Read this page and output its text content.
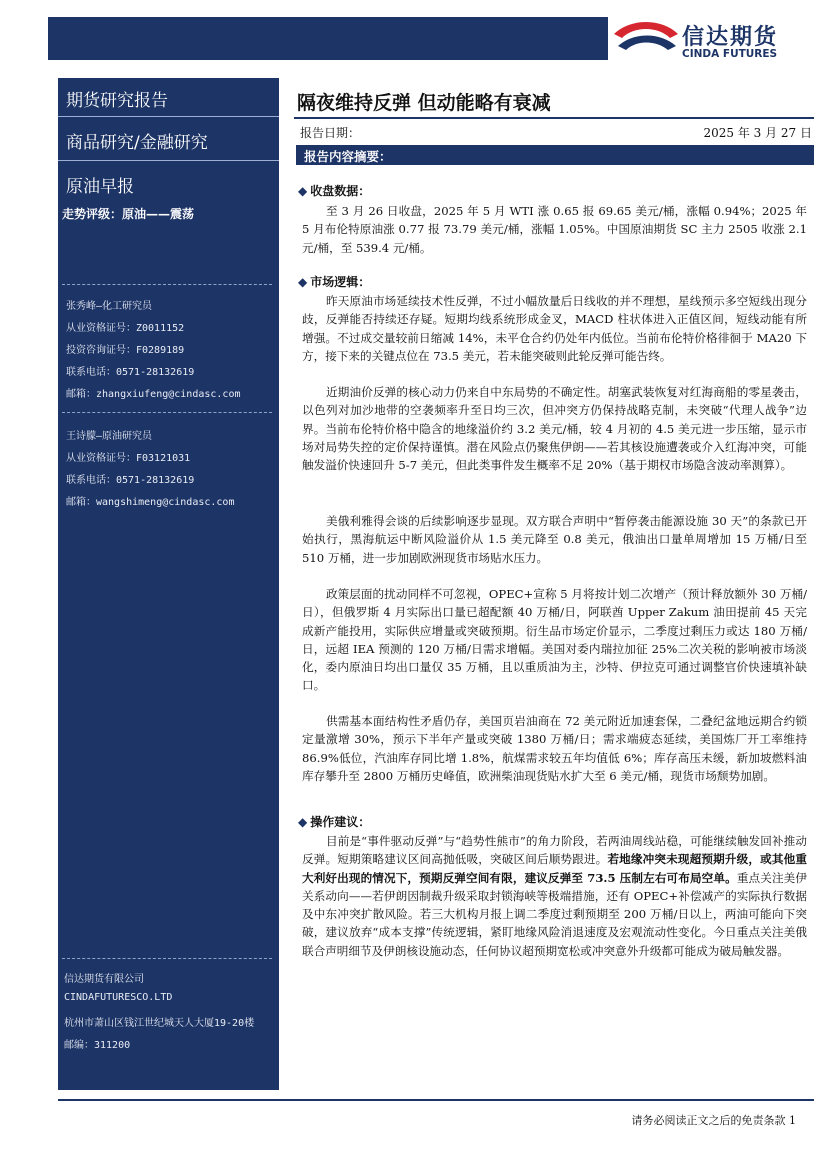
信达期货
CINDA FUTURES
期货研究报告
商品研究/金融研究
原油早报
走势评级：原油——震荡
张秀峰—化工研究员
从业资格证号：Z0011152
投资咨询证号：F0289189
联系电话：0571-28132619
邮箱：zhangxiufeng@cindasc.com
王诗朦—原油研究员
从业资格证号：F03121031
联系电话：0571-28132619
邮箱：wangshimeng@cindasc.com
信达期货有限公司
CINDAFUTURESCO.LTD
杭州市萧山区钱江世纪城天人大厦19-20楼
邮编：311200
隔夜维持反弹 但动能略有衰减
报告日期：	2025 年 3 月 27 日
报告内容摘要：
◆ 收盘数据：
至 3 月 26 日收盘，2025 年 5 月 WTI 涨 0.65 报 69.65 美元/桶，涨幅 0.94%；2025 年 5 月布伦特原油涨 0.77 报 73.79 美元/桶，涨幅 1.05%。中国原油期货 SC 主力 2505 收涨 2.1 元/桶，至 539.4 元/桶。
◆ 市场逻辑：
昨天原油市场延续技术性反弹，不过小幅放量后日线收的并不理想，星线预示多空短线出现分歧，反弹能否持续还存疑。短期均线系统形成金叉，MACD 柱状体进入正值区间，短线动能有所增强。不过成交量较前日缩减 14%，未平仓合约仍处年内低位。当前布伦特价格徘徊于 MA20 下方，接下来的关键点位在 73.5 美元，若未能突破则此轮反弹可能告终。
近期油价反弹的核心动力仍来自中东局势的不确定性。胡塞武装恢复对红海商船的零星袭击，以色列对加沙地带的空袭频率升至日均三次，但冲突方仍保持战略克制，未突破“代理人战争”边界。当前布伦特价格中隐含的地缘溢价约 3.2 美元/桶，较 4 月初的 4.5 美元进一步压缩，显示市场对局势失控的定价保持谨慎。潜在风险点仍聚焦伊朗——若其核设施遭袭或介入红海冲突，可能触发溢价快速回升 5-7 美元，但此类事件发生概率不足 20%（基于期权市场隐含波动率测算）。
美俄利雅得会谈的后续影响逐步显现。双方联合声明中“暂停袭击能源设施 30 天”的条款已开始执行，黑海航运中断风险溢价从 1.5 美元降至 0.8 美元，俄油出口量单周增加 15 万桶/日至 510 万桶，进一步加剧欧洲现货市场贴水压力。
政策层面的扰动同样不可忽视，OPEC+宣称 5 月将按计划二次增产（预计释放额外 30 万桶/日），但俄罗斯 4 月实际出口量已超配额 40 万桶/日，阿联酋 Upper Zakum 油田提前 45 天完成新产能投用，实际供应增量或突破预期。衍生品市场定价显示，二季度过剩压力或达 180 万桶/日，远超 IEA 预测的 120 万桶/日需求增幅。美国对委内瑞拉加征 25%二次关税的影响被市场淡化，委内原油日均出口量仅 35 万桶，且以重质油为主，沙特、伊拉克可通过调整官价快速填补缺口。
供需基本面结构性矛盾仍存，美国页岩油商在 72 美元附近加速套保，二叠纪盆地远期合约锁定量激增 30%，预示下半年产量或突破 1380 万桶/日；需求端疲态延续，美国炼厂开工率维持 86.9%低位，汽油库存同比增 1.8%，航煤需求较五年均值低 6%；库存高压未缓，新加坡燃料油库存攀升至 2800 万桶历史峰值，欧洲柴油现货贴水扩大至 6 美元/桶，现货市场颓势加剧。
◆ 操作建议：
目前是“事件驱动反弹”与“趋势性熊市”的角力阶段，若两油周线站稳，可能继续触发回补推动反弹。短期策略建议区间高抛低吸，突破区间后顺势跟进。若地缘冲突未现超预期升级，或其他重大利好出现的情况下，预期反弹空间有限，建议反弹至 73.5 压制左右可布局空单。重点关注美伊关系动向——若伊朗因制裁升级采取封锁海峡等极端措施，还有 OPEC+补偿减产的实际执行数据及中东冲突扩散风险。若三大机构月报上调二季度过剩预期至 200 万桶/日以上，两油可能向下突破，建议放弃“成本支撑”传统逻辑，紧盯地缘风险消退速度及宏观流动性变化。今日重点关注美俄联合声明细节及伊朗核设施动态，任何协议超预期宽松或冲突意外升级都可能成为破局触发器。
请务必阅读正文之后的免责条款 1
